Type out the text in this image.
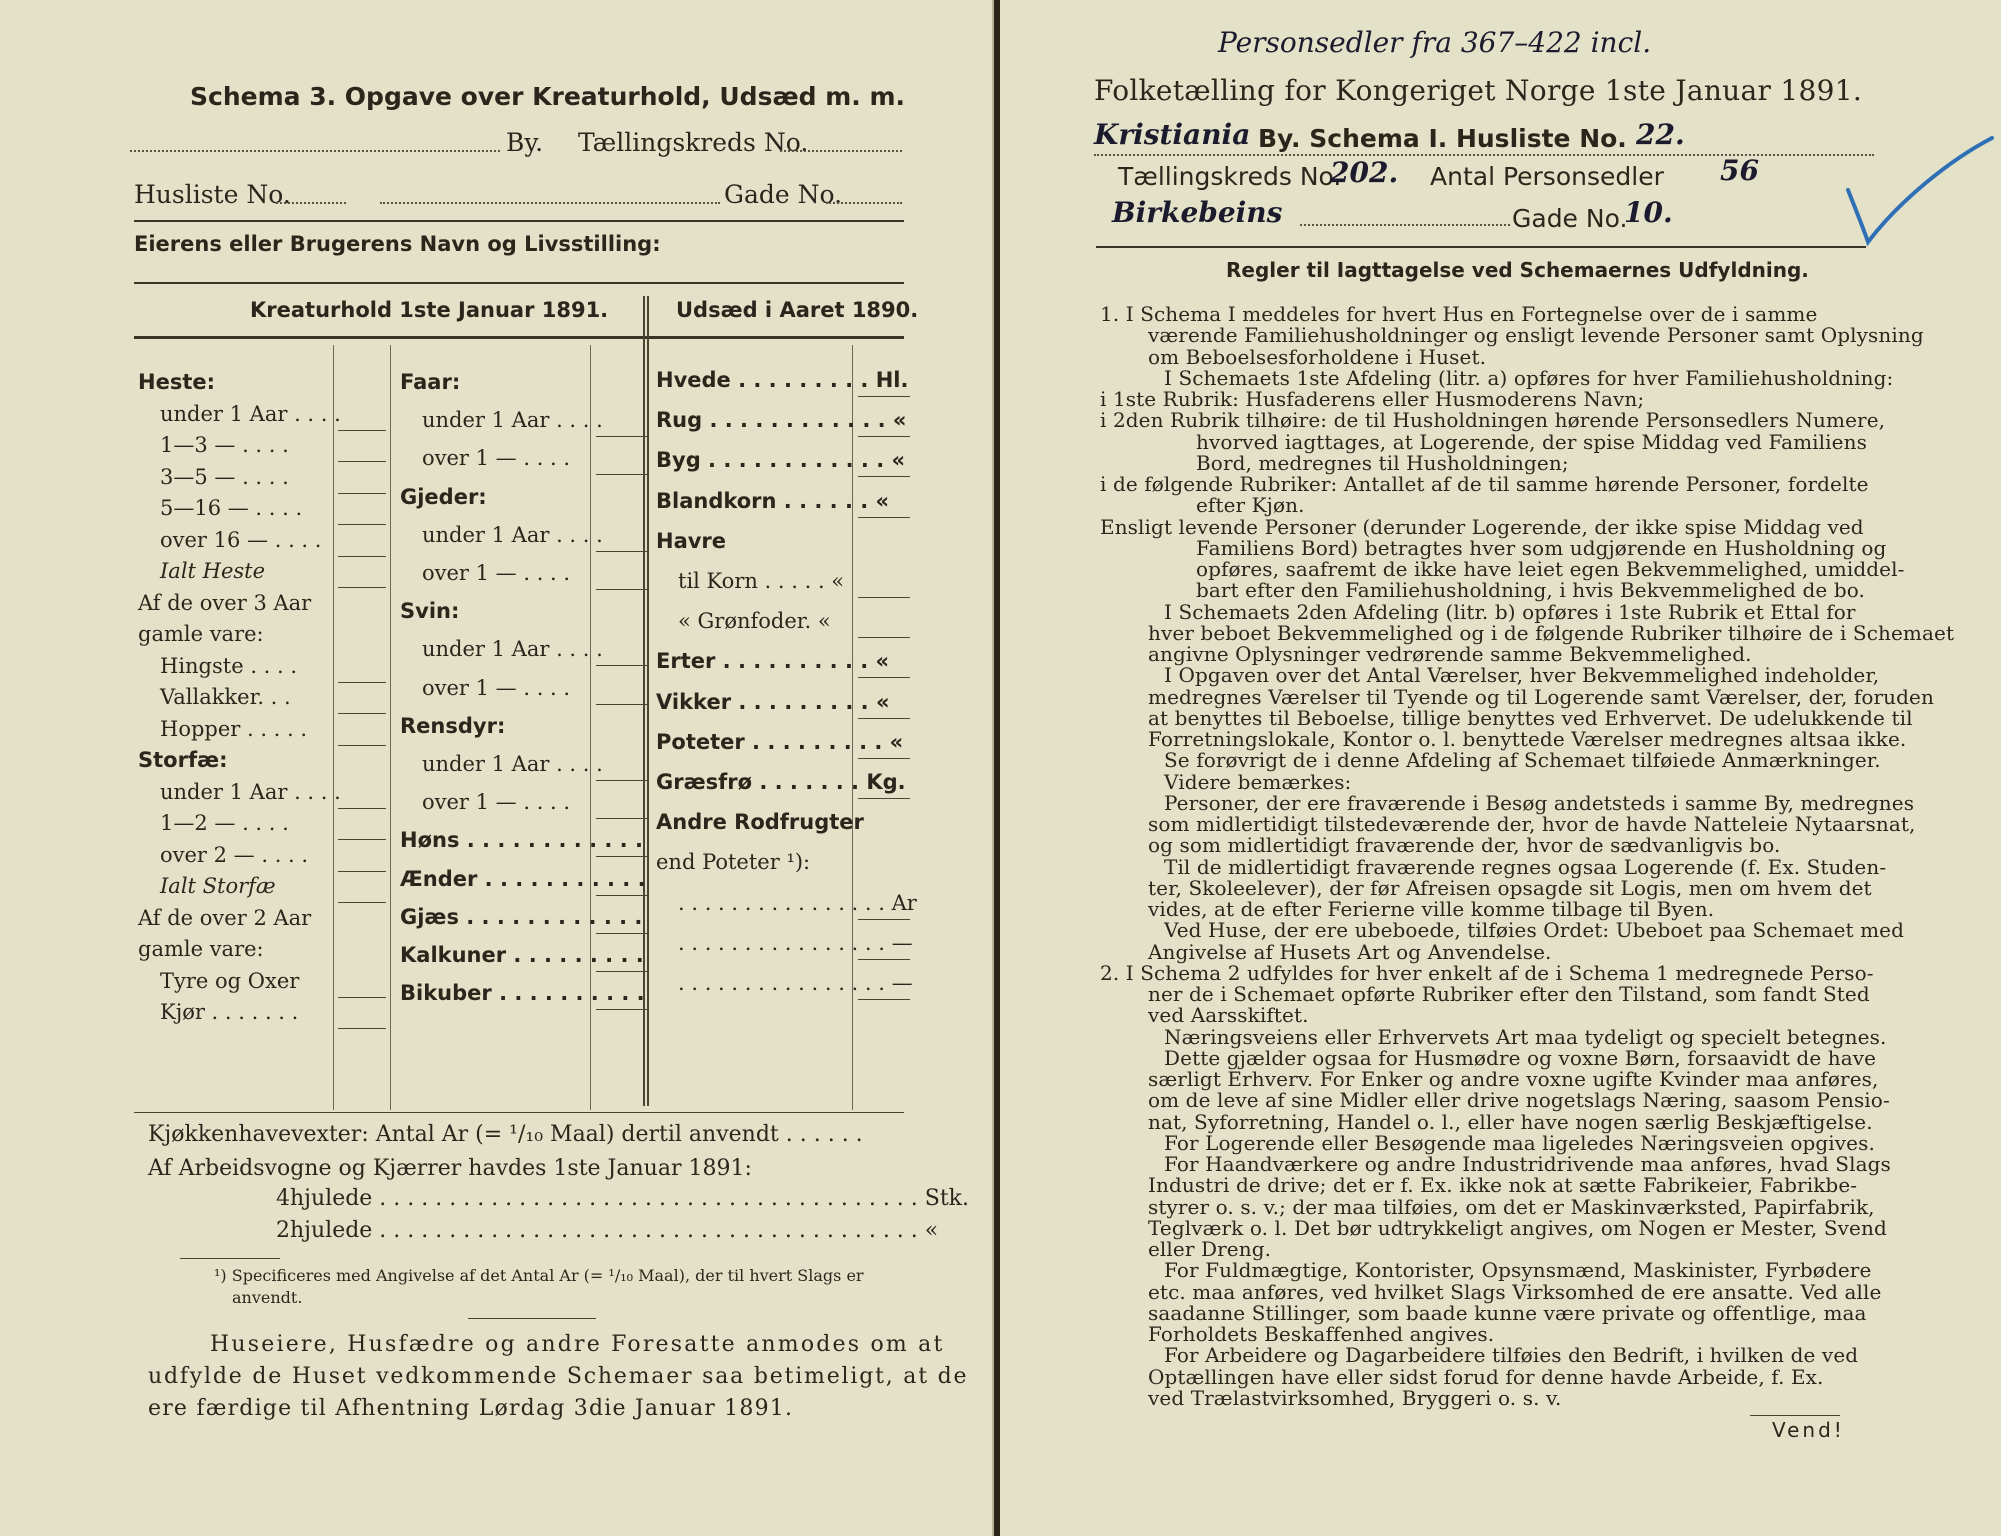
Schema 3. Opgave over Kreaturhold, Udsæd m. m.
By. Tællingskreds No.
Husliste No.	Gade No.
Eierens eller Brugerens Navn og Livsstilling:
Kreaturhold 1ste Januar 1891.	Udsæd i Aaret 1890.
Heste:
under 1 Aar . . . .
1—3 — . . . .
3—5 — . . . .
5—16 — . . . .
over 16 — . . . .
Ialt Heste
Af de over 3 Aar
gamle vare:
Hingste . . . .
Vallakker. . .
Hopper . . . . .
Storfæ:
under 1 Aar . . . .
1—2 — . . . .
over 2 — . . . .
Ialt Storfæ
Af de over 2 Aar
gamle vare:
Tyre og Oxer
Kjør . . . . . . .
Faar:
under 1 Aar . . . .
over 1 — . . . .
Gjeder:
under 1 Aar . . . .
over 1 — . . . .
Svin:
under 1 Aar . . . .
over 1 — . . . .
Rensdyr:
under 1 Aar . . . .
over 1 — . . . .
Høns . . . . . . . . . . . .
Ænder . . . . . . . . . . .
Gjæs . . . . . . . . . . . .
Kalkuner . . . . . . . . .
Bikuber . . . . . . . . . .
Hvede . . . . . . . . . Hl.
Rug . . . . . . . . . . . . «
Byg . . . . . . . . . . . . «
Blandkorn . . . . . . «
Havre
til Korn . . . . . «
« Grønfoder. «
Erter . . . . . . . . . . «
Vikker . . . . . . . . . «
Poteter . . . . . . . . . «
Græsfrø . . . . . . . Kg.
Andre Rodfrugter
end Poteter ¹):
. . . . . . . . . . . . . . . . Ar
. . . . . . . . . . . . . . . . —
. . . . . . . . . . . . . . . . —
Kjøkkenhavevexter: Antal Ar (= ¹/₁₀ Maal) dertil anvendt . . . . . .
Af Arbeidsvogne og Kjærrer havdes 1ste Januar 1891:
4hjulede . . . . . . . . . . . . . . . . . . . . . . . . . . . . . . . . . . . . . . . Stk.
2hjulede . . . . . . . . . . . . . . . . . . . . . . . . . . . . . . . . . . . . . . . «
¹) Specificeres med Angivelse af det Antal Ar (= ¹/₁₀ Maal), der til hvert Slags er
anvendt.
Huseiere, Husfædre og andre Foresatte anmodes om at
udfylde de Huset vedkommende Schemaer saa betimeligt, at de
ere færdige til Afhentning Lørdag 3die Januar 1891.
Personsedler fra 367–422 incl.
Folketælling for Kongeriget Norge 1ste Januar 1891.
Kristiania By. Schema I. Husliste No. 22.
Tællingskreds No.
202. Antal Personsedler 56
Birkebeins	Gade No.
10.
Regler til Iagttagelse ved Schemaernes Udfyldning.
1. I Schema I meddeles for hvert Hus en Fortegnelse over de i samme
værende Familiehusholdninger og ensligt levende Personer samt Oplysning
om Beboelsesforholdene i Huset.
I Schemaets 1ste Afdeling (litr. a) opføres for hver Familiehusholdning:
i 1ste Rubrik: Husfaderens eller Husmoderens Navn;
i 2den Rubrik tilhøire: de til Husholdningen hørende Personsedlers Numere,
hvorved iagttages, at Logerende, der spise Middag ved Familiens
Bord, medregnes til Husholdningen;
i de følgende Rubriker: Antallet af de til samme hørende Personer, fordelte
efter Kjøn.
Ensligt levende Personer (derunder Logerende, der ikke spise Middag ved
Familiens Bord) betragtes hver som udgjørende en Husholdning og
opføres, saafremt de ikke have leiet egen Bekvemmelighed, umiddel-
bart efter den Familiehusholdning, i hvis Bekvemmelighed de bo.
I Schemaets 2den Afdeling (litr. b) opføres i 1ste Rubrik et Ettal for
hver beboet Bekvemmelighed og i de følgende Rubriker tilhøire de i Schemaet
angivne Oplysninger vedrørende samme Bekvemmelighed.
I Opgaven over det Antal Værelser, hver Bekvemmelighed indeholder,
medregnes Værelser til Tyende og til Logerende samt Værelser, der, foruden
at benyttes til Beboelse, tillige benyttes ved Erhvervet. De udelukkende til
Forretningslokale, Kontor o. l. benyttede Værelser medregnes altsaa ikke.
Se forøvrigt de i denne Afdeling af Schemaet tilføiede Anmærkninger.
Videre bemærkes:
Personer, der ere fraværende i Besøg andetsteds i samme By, medregnes
som midlertidigt tilstedeværende der, hvor de havde Natteleie Nytaarsnat,
og som midlertidigt fraværende der, hvor de sædvanligvis bo.
Til de midlertidigt fraværende regnes ogsaa Logerende (f. Ex. Studen-
ter, Skoleelever), der før Afreisen opsagde sit Logis, men om hvem det
vides, at de efter Ferierne ville komme tilbage til Byen.
Ved Huse, der ere ubeboede, tilføies Ordet: Ubeboet paa Schemaet med
Angivelse af Husets Art og Anvendelse.
2. I Schema 2 udfyldes for hver enkelt af de i Schema 1 medregnede Perso-
ner de i Schemaet opførte Rubriker efter den Tilstand, som fandt Sted
ved Aarsskiftet.
Næringsveiens eller Erhvervets Art maa tydeligt og specielt betegnes.
Dette gjælder ogsaa for Husmødre og voxne Børn, forsaavidt de have
særligt Erhverv. For Enker og andre voxne ugifte Kvinder maa anføres,
om de leve af sine Midler eller drive nogetslags Næring, saasom Pensio-
nat, Syforretning, Handel o. l., eller have nogen særlig Beskjæftigelse.
For Logerende eller Besøgende maa ligeledes Næringsveien opgives.
For Haandværkere og andre Industridrivende maa anføres, hvad Slags
Industri de drive; det er f. Ex. ikke nok at sætte Fabrikeier, Fabrikbe-
styrer o. s. v.; der maa tilføies, om det er Maskinværksted, Papirfabrik,
Teglværk o. l. Det bør udtrykkeligt angives, om Nogen er Mester, Svend
eller Dreng.
For Fuldmægtige, Kontorister, Opsynsmænd, Maskinister, Fyrbødere
etc. maa anføres, ved hvilket Slags Virksomhed de ere ansatte. Ved alle
saadanne Stillinger, som baade kunne være private og offentlige, maa
Forholdets Beskaffenhed angives.
For Arbeidere og Dagarbeidere tilføies den Bedrift, i hvilken de ved
Optællingen have eller sidst forud for denne havde Arbeide, f. Ex.
ved Trælastvirksomhed, Bryggeri o. s. v.
Vend!
